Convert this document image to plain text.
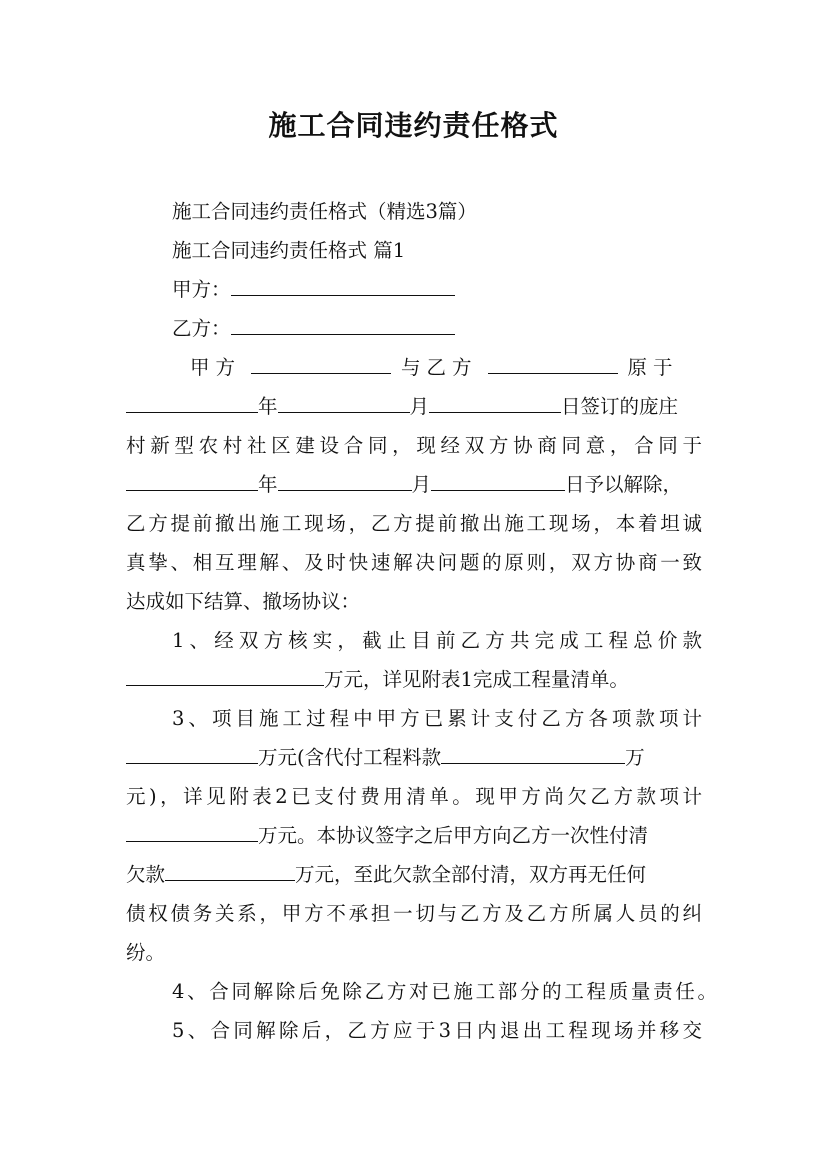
施工合同违约责任格式
施工合同违约责任格式（精选3篇）
施工合同违约责任格式 篇1
甲方：
乙方：
甲方	与乙方	原于
年	月	日签订的庞庄
村新型农村社区建设合同，现经双方协商同意，合同于
年	月	日予以解除，
乙方提前撤出施工现场，乙方提前撤出施工现场，本着坦诚
真挚、相互理解、及时快速解决问题的原则，双方协商一致
达成如下结算、撤场协议：
1、经双方核实，截止目前乙方共完成工程总价款
万元，详见附表1完成工程量清单。
3、项目施工过程中甲方已累计支付乙方各项款项计
万元(含代付工程料款	万
元)，详见附表2已支付费用清单。现甲方尚欠乙方款项计
万元。本协议签字之后甲方向乙方一次性付清
欠款	万元，至此欠款全部付清，双方再无任何
债权债务关系，甲方不承担一切与乙方及乙方所属人员的纠
纷。
4、合同解除后免除乙方对已施工部分的工程质量责任。
5、合同解除后，乙方应于3日内退出工程现场并移交
